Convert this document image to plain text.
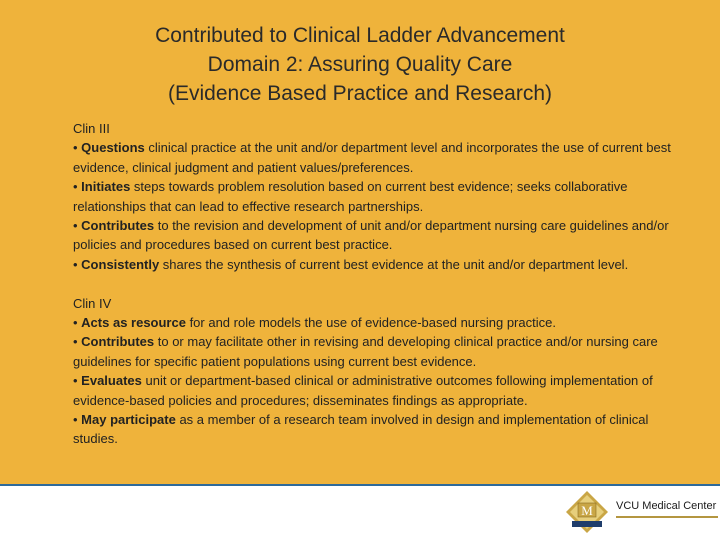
Contributed to Clinical Ladder Advancement
Domain 2: Assuring Quality Care
(Evidence Based Practice and Research)

Clin III

• Questions clinical practice at the unit and/or department level and incorporates the use of current best evidence, clinical judgment and patient values/preferences.

• Initiates steps towards problem resolution based on current best evidence; seeks collaborative relationships that can lead to effective research partnerships.

• Contributes to the revision and development of unit and/or department nursing care guidelines and/or policies and procedures based on current best practice.

• Consistently shares the synthesis of current best evidence at the unit and/or department level.

Clin IV

• Acts as resource for and role models the use of evidence-based nursing practice.

• Contributes to or may facilitate other in revising and developing clinical practice and/or nursing care guidelines for specific patient populations using current best evidence.

• Evaluates unit or department-based clinical or administrative outcomes following implementation of evidence-based policies and procedures; disseminates findings as appropriate.

• May participate as a member of a research team involved in design and implementation of clinical studies.

M VCU Medical Center
